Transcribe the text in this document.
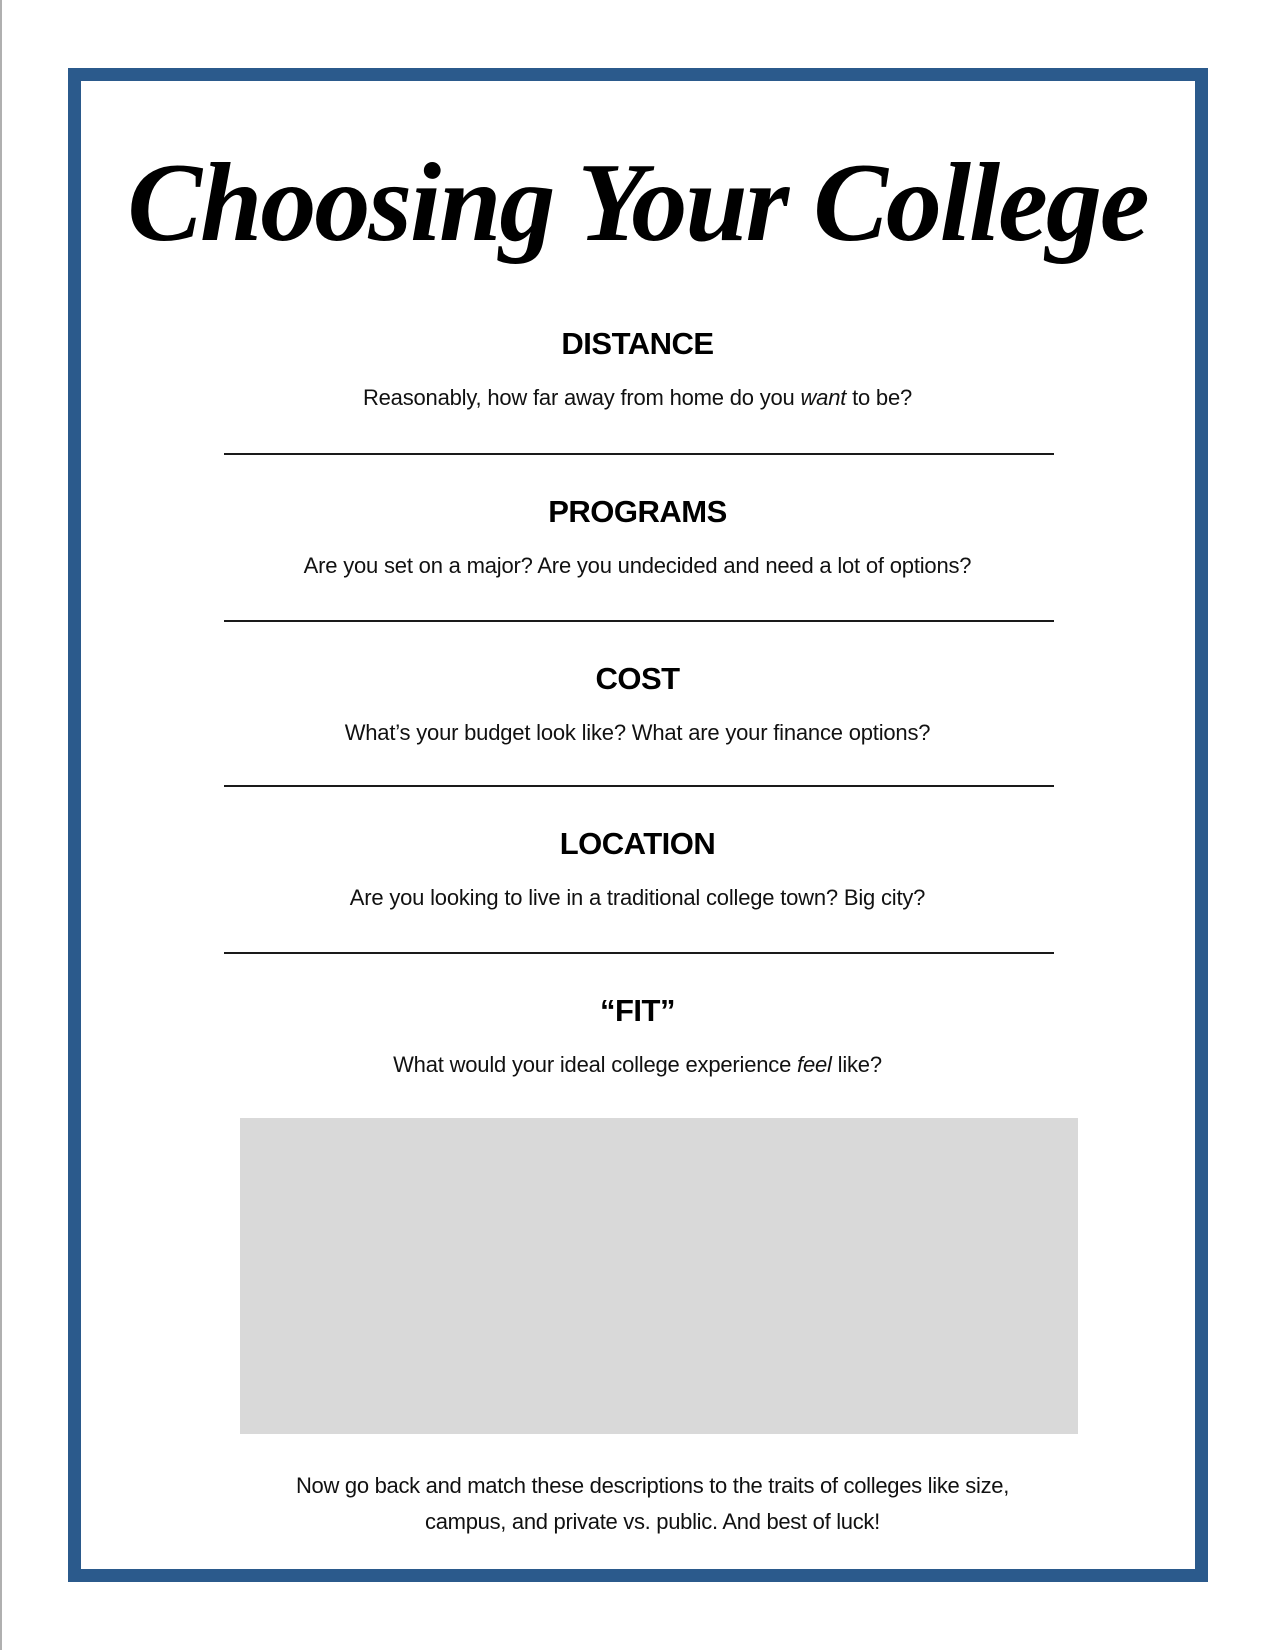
Choosing Your College
DISTANCE
Reasonably, how far away from home do you want to be?
PROGRAMS
Are you set on a major? Are you undecided and need a lot of options?
COST
What’s your budget look like? What are your finance options?
LOCATION
Are you looking to live in a traditional college town? Big city?
“FIT”
What would your ideal college experience feel like?
Now go back and match these descriptions to the traits of colleges like size,
campus, and private vs. public. And best of luck!
